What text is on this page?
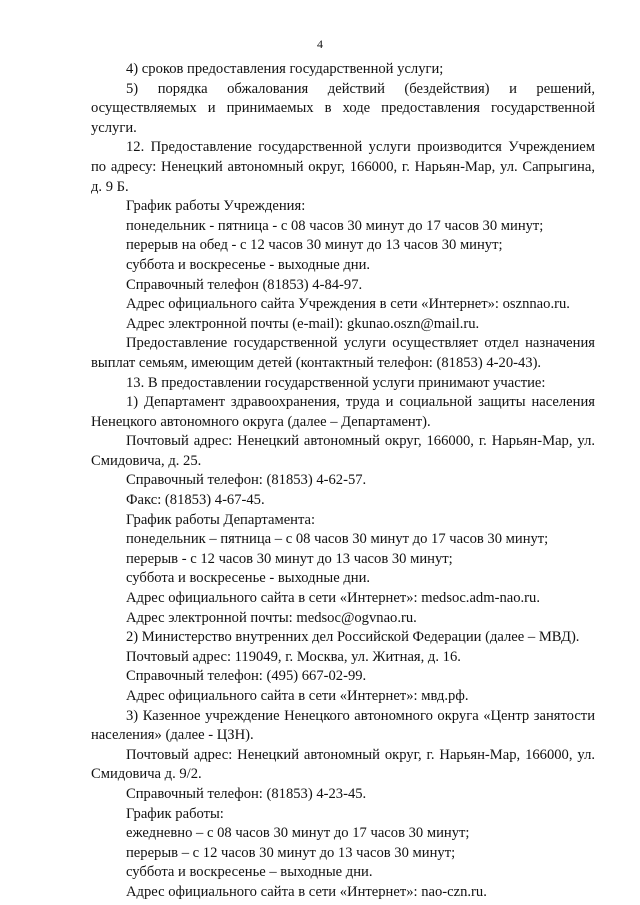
4

4) сроков предоставления государственной услуги;

5) порядка обжалования действий (бездействия) и решений, осуществляемых и принимаемых в ходе предоставления государственной услуги.

12. Предоставление государственной услуги производится Учреждением по адресу: Ненецкий автономный округ, 166000, г. Нарьян-Мар, ул. Сапрыгина, д. 9 Б.

График работы Учреждения:

понедельник - пятница - с 08 часов 30 минут до 17 часов 30 минут;

перерыв на обед - с 12 часов 30 минут до 13 часов 30 минут;

суббота и воскресенье - выходные дни.

Справочный телефон (81853) 4-84-97.

Адрес официального сайта Учреждения в сети «Интернет»: osznnao.ru.

Адрес электронной почты (e-mail): gkunao.oszn@mail.ru.

Предоставление государственной услуги осуществляет отдел назначения выплат семьям, имеющим детей (контактный телефон: (81853) 4-20-43).

13. В предоставлении государственной услуги принимают участие:

1) Департамент здравоохранения, труда и социальной защиты населения Ненецкого автономного округа (далее – Департамент).

Почтовый адрес: Ненецкий автономный округ, 166000, г. Нарьян-Мар, ул. Смидовича, д. 25.

Справочный телефон: (81853) 4-62-57.

Факс: (81853) 4-67-45.

График работы Департамента:

понедельник – пятница – с 08 часов 30 минут до 17 часов 30 минут;

перерыв - с 12 часов 30 минут до 13 часов 30 минут;

суббота и воскресенье - выходные дни.

Адрес официального сайта в сети «Интернет»: medsoc.adm-nao.ru.

Адрес электронной почты: medsoc@ogvnao.ru.

2) Министерство внутренних дел Российской Федерации (далее – МВД).

Почтовый адрес: 119049, г. Москва, ул. Житная, д. 16.

Справочный телефон: (495) 667-02-99.

Адрес официального сайта в сети «Интернет»: мвд.рф.

3) Казенное учреждение Ненецкого автономного округа «Центр занятости населения» (далее - ЦЗН).

Почтовый адрес: Ненецкий автономный округ, г. Нарьян-Мар, 166000, ул. Смидовича д. 9/2.

Справочный телефон: (81853) 4-23-45.

График работы:

ежедневно – с 08 часов 30 минут до 17 часов 30 минут;

перерыв – с 12 часов 30 минут до 13 часов 30 минут;

суббота и воскресенье – выходные дни.

Адрес официального сайта в сети «Интернет»: nao-czn.ru.
